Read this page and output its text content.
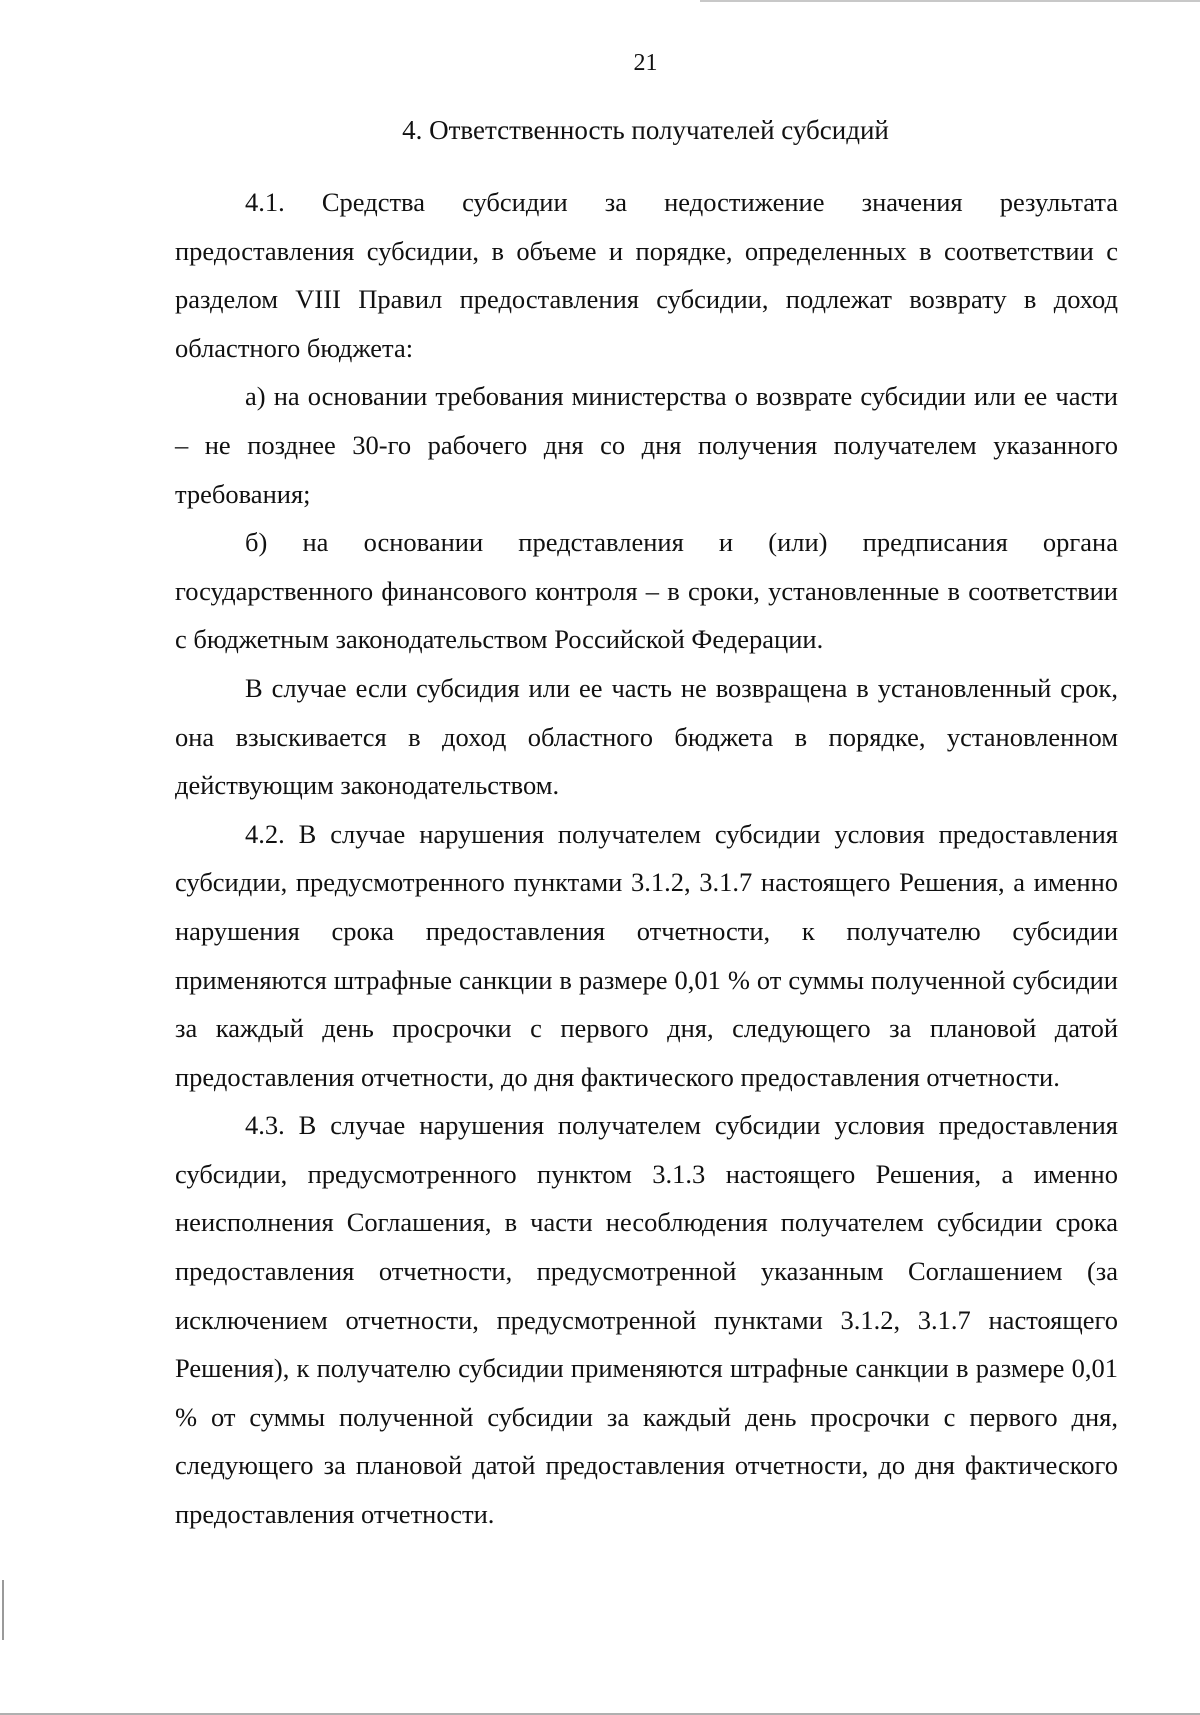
21
4. Ответственность получателей субсидий

4.1. Средства субсидии за недостижение значения результата предоставления субсидии, в объеме и порядке, определенных в соответствии с разделом VIII Правил предоставления субсидии, подлежат возврату в доход областного бюджета:

а) на основании требования министерства о возврате субсидии или ее части – не позднее 30-го рабочего дня со дня получения получателем указанного требования;

б) на основании представления и (или) предписания органа государственного финансового контроля – в сроки, установленные в соответствии с бюджетным законодательством Российской Федерации.

В случае если субсидия или ее часть не возвращена в установленный срок, она взыскивается в доход областного бюджета в порядке, установленном действующим законодательством.

4.2. В случае нарушения получателем субсидии условия предоставления субсидии, предусмотренного пунктами 3.1.2, 3.1.7 настоящего Решения, а именно нарушения срока предоставления отчетности, к получателю субсидии применяются штрафные санкции в размере 0,01 % от суммы полученной субсидии за каждый день просрочки с первого дня, следующего за плановой датой предоставления отчетности, до дня фактического предоставления отчетности.

4.3. В случае нарушения получателем субсидии условия предоставления субсидии, предусмотренного пунктом 3.1.3 настоящего Решения, а именно неисполнения Соглашения, в части несоблюдения получателем субсидии срока предоставления отчетности, предусмотренной указанным Соглашением (за исключением отчетности, предусмотренной пунктами 3.1.2, 3.1.7 настоящего Решения), к получателю субсидии применяются штрафные санкции в размере 0,01 % от суммы полученной субсидии за каждый день просрочки с первого дня, следующего за плановой датой предоставления отчетности, до дня фактического предоставления отчетности.
